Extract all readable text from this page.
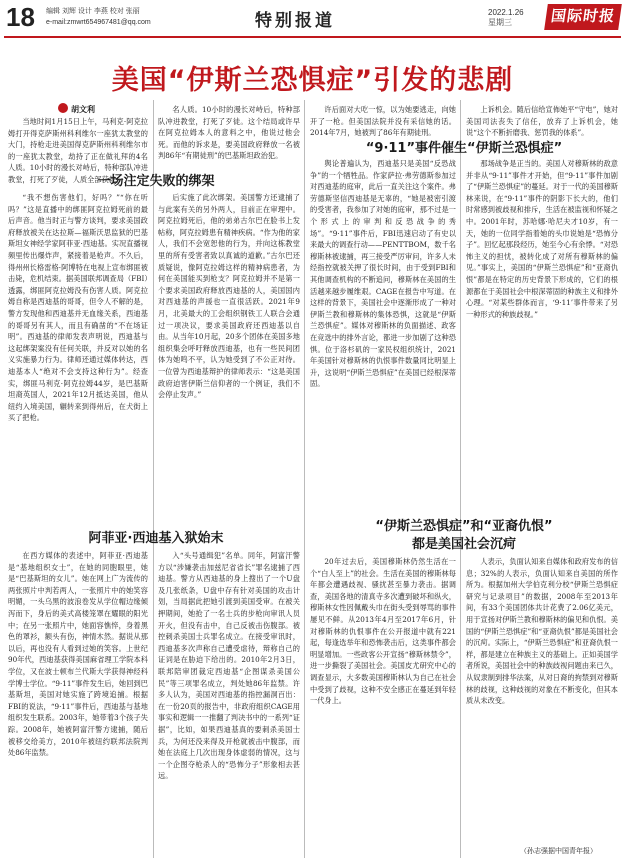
18 编辑 刘辉 设计 李燕 校对 张丽
e-mail:zmwrt654967481@qq.com	特别报道	2022.1.26
星期三	国际时报
美国“伊斯兰恐惧症”引发的悲剧
胡文利

当地时间1月15日上午，马利克·阿克拉姆打开得克萨斯州科利维尔一座犹太教堂的大门，持枪走进美国得克萨斯州科利维尔市的一座犹太教堂，劫持了正在做礼拜的4名人质。10小时的漫长对峙后，特种部队冲进教堂，打死了歹徒，人质全部获救。

一场注定失败的绑架

“我不想伤害他们，好吗？”“你在听吗？”这是直播中的绑匪阿克拉姆死前的最后声音。他当时正与警方谈判，要求美国政府释放被关在达拉斯—福斯沃思监狱的巴基斯坦女神经学家阿菲亚·西迪基。实况直播视频里传出爆炸声，紧接着是枪声。不久后，得州州长格雷格·阿博特在电视上宣布绑匪被击毙，危机结束。据美国联邦调查局（FBI）透露，绑匪阿克拉姆没有伤害人质。阿克拉姆自称是西迪基的哥哥，但令人不解的是，警方发现他和西迪基并无血缘关系，西迪基的哥哥另有其人，而且有确凿的“不在场证明”。西迪基的律师发表声明说，西迪基与这起绑架案没有任何关联，并反对以她的名义实施暴力行为。律师还通过媒体转达，西迪基本人“绝对不会支持这种行为”。经查实，绑匪马利克·阿克拉姆44岁，是巴基斯坦裔英国人，2021年12月抵达美国，他从纽约入境美国，辗转来到得州后，在犬街上买了把枪。

名人质。10小时的漫长对峙后，特种部队冲进教堂，打死了歹徒。这个结局或许早在阿克拉姆本人的意料之中，他说过他会死。而他的诉求是，要美国政府释放一名被判86年“有期徒刑”的巴基斯坦政治犯。

后实施了此次绑架。美国警方还逮捕了与此案有关的另外两人，目前正在审理中。阿克拉姆死后，他的弟弟古尔巴在脸书上发帖称，阿克拉姆患有精神疾病。“作为他的家人，我们不会宽恕他的行为，并向这栋教堂里的所有受害者致以真诚的道歉。”古尔巴还质疑说，像阿克拉姆这样的精神病患者，为何在美国能买到枪支？阿克拉姆并不是第一个要求美国政府释放西迪基的人，美国国内对西迪基的声援也一直很活跃。2021年9月，北美最大的工会组织钢铁工人联合会通过一项决议，要求美国政府还西迪基以自由。从当年10月起，20多个团体在美国多地组织集会呼吁释放西迪基，也有一些民间团体为她鸣不平，认为她受到了不公正对待。一位曾为西迪基辩护的律师表示：“这是美国政府迫害伊斯兰信仰者的一个例证，我们不会停止发声。”

阿菲亚·西迪基入狱始末

在西方媒体的表述中，阿菲亚·西迪基是“基地组织女士”，在她的同胞眼里，她是“巴基斯坦的女儿”。她在网上广为流传的两张照片中判若两人，一张照片中的她笑容明媚，一头乌黑的波浪卷发从学位帽边缘倾泻而下，身后的美式高楼笼罩在耀眼的阳光中；在另一张照片中，她面容憔悴，身着黑色的罩衫，额头有伤，神情木然。据说从那以后，再也没有人看到过她的笑容。上世纪90年代，西迪基获得美国麻省理工学院本科学位，又在波士顿布兰代斯大学获得神经科学博士学位。“9·11”事件发生后，她回到巴基斯坦，美国对她实施了跨境追捕。根据FBI的说法，“9·11”事件后，西迪基与基地组织发生联系。2003年，她带着3个孩子失踪。2008年，她被阿富汗警方逮捕，随后被移交给美方，2010年被纽约联邦法院判处86年监禁。

入“头号通缉犯”名单。同年，阿富汗警方以“涉嫌袭击加兹尼省省长”罪名逮捕了西迪基。警方从西迪基的身上搜出了一个U盘及几张纸条，U盘中存有针对美国的攻击计划，当局据此把她引渡到美国受审。在被关押期间，她抢了一名士兵的步枪向审讯人员开火，但没有击中，自己反被击伤腹部。被控刺杀美国士兵罪名成立。在接受审讯时，西迪基多次声称自己遭受虐待，辩称自己的证词是在胁迫下给出的。2010年2月3日，联邦陪审团裁定西迪基“企图谋杀美国公民”等三项罪名成立，判处她86年监禁。许多人认为，美国对西迪基的指控漏洞百出：在一份20页的报告中，非政府组织CAGE用事实和逻辑一一推翻了判决书中的一系列“证据”，比如，如果西迪基真的要刺杀美国士兵，为何还没来得及开枪就被击中腹部，而她在法庭上几次出现身体虚弱的情况，这与一个企图夺枪杀人的“恐怖分子”形象相去甚远。

许后面对大吃一惊，以为她要逃走，向她开了一枪。但美国法院并没有采信她的话。2014年7月，她被判了86年有期徒刑。

上诉机会。随后信给宣佈她平“守电”，她对美国司法丧失了信任，放弃了上诉机会，她说“这个不断折磨我、惩罚我的体系”。

“9·11”事件催生“伊斯兰恐惧症”

舆论普遍认为，西迪基只是美国“反恐战争”的一个牺牲品。作家萨拉·弗劳德斯参加过对西迪基的庭审，此后一直关注这个案件。弗劳德斯坚信西迪基是无辜的，“她是被密引渡的受害者，我参加了对她的庭审，那不过是一个形式上的审判和反恐战争的秀场”。“9·11”事件后，FBI迅速启动了有史以来最大的调查行动——PENTTBOM，数千名穆斯林被逮捕，再三接受严厉审问，许多人未经指控就被关押了很长时间，由于受到FBI和其他调查机构的不断追问，穆斯林在美国的生活越来越步履维艰。CAGE在报告中写道。在这样的背景下，美国社会中逐渐形成了一种对伊斯兰教和穆斯林的集体恐惧，这就是“伊斯兰恐惧症”。媒体对穆斯林的负面描述、政客在竞选中的排外言论，都进一步加剧了这种恐惧。位于洛杉矶的一家民权组织统计，2021年美国针对穆斯林的仇恨事件数量同比明显上升，这说明“伊斯兰恐惧症”在美国已经根深蒂固。

那场战争是正当的。美国人对穆斯林的敌意并非从“9·11”事件才开始，但“9·11”事件加剧了“伊斯兰恐惧症”的蔓延。对于一代的美国穆斯林来说，在“9·11”事件的阴影下长大的，他们时常感到被歧视和排斥，生活在被监视和怀疑之中。2001年时，苏哈娜·哈尼夫才10岁，有一天，她的一位同学指着她的头巾说她是“恐怖分子”。回忆起那段经历，她至今心有余悸。“对恐怖主义的担忧，被转化成了对所有穆斯林的偏见。”事实上，美国的“伊斯兰恐惧症”和“亚裔仇恨”都是在特定的历史背景下形成的，它们的根源都在于美国社会中根深蒂固的种族主义和排外心理。“对某些群体而言，‘9·11’事件带来了另一种形式的种族歧视。”

“伊斯兰恐惧症”和“亚裔仇恨”
都是美国社会沉疴

20年过去后，美国穆斯林仍然生活在一个“白人至上”的社会。生活在美国的穆斯林每年都会遭遇歧视、骚扰甚至暴力袭击。据调查，美国各地的清真寺多次遭到破坏和纵火，穆斯林女性因佩戴头巾在街头受到辱骂的事件屡见不鲜。从2013年4月至2017年6月，针对穆斯林的仇恨事件在公开报道中就有221起，每逢选举年和恐怖袭击后，这类事件都会明显增加。一些政客公开宣扬“穆斯林禁令”，进一步撕裂了美国社会。美国皮尤研究中心的调查显示，大多数美国穆斯林认为自己在社会中受到了歧视，这种不安全感正在蔓延到年轻一代身上。

人表示，负面认知来自媒体和政府发布的信息；32%的人表示，负面认知来自美国的所作所为。根据加州大学伯克利分校“伊斯兰恐惧症研究与记录项目”的数据，2008年至2013年间，有33个美国团体共计花费了2.06亿美元，用于宣扬对伊斯兰教和穆斯林的偏见和仇恨。美国的“伊斯兰恐惧症”和“亚裔仇恨”都是美国社会的沉疴。实际上，“伊斯兰恐惧症”和亚裔仇恨一样，都是建立在种族主义的基础上。正如美国学者所说，美国社会中的种族歧视问题由来已久，从奴隶制到排华法案，从对日裔的拘禁到对穆斯林的歧视，这种歧视的对象在不断变化，但其本质从未改变。

（孙志强据中国青年报）
